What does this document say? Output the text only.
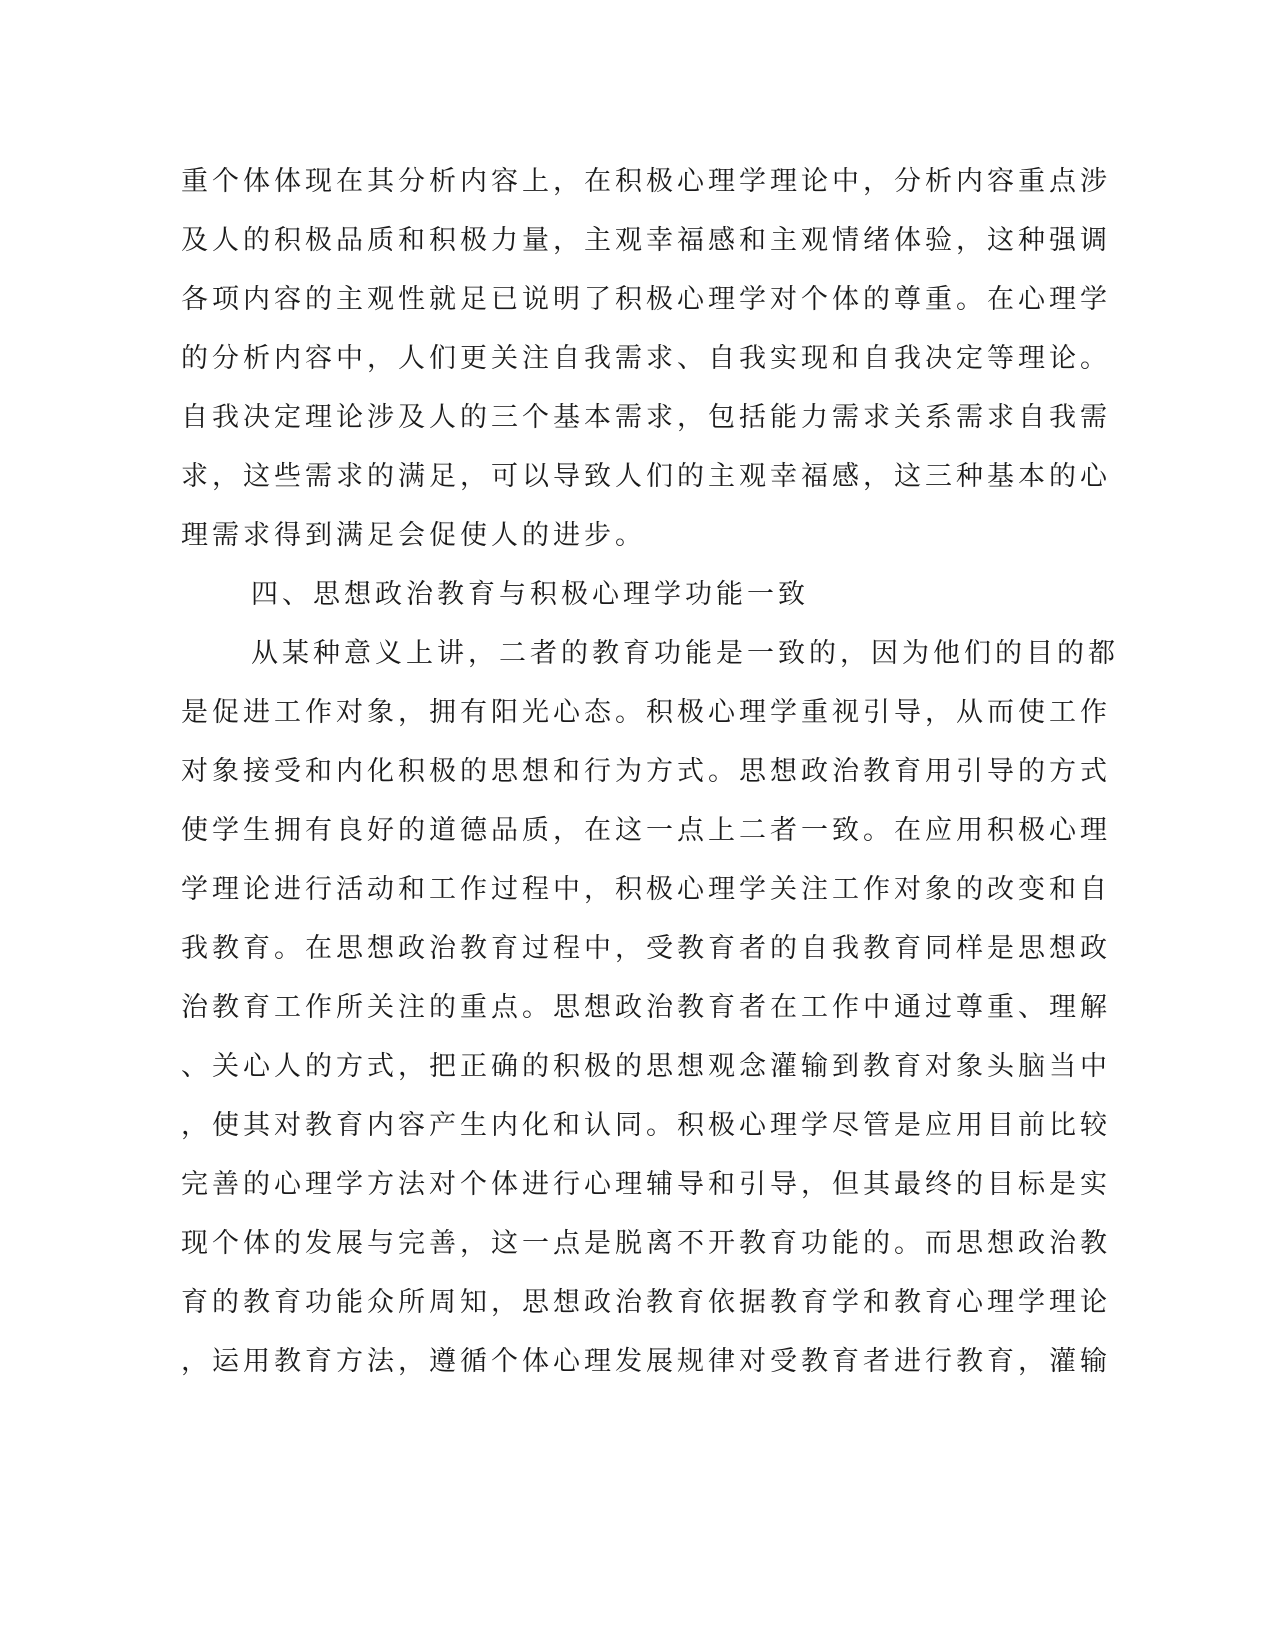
重个体体现在其分析内容上，在积极心理学理论中，分析内容重点涉
及人的积极品质和积极力量，主观幸福感和主观情绪体验，这种强调
各项内容的主观性就足已说明了积极心理学对个体的尊重。在心理学
的分析内容中，人们更关注自我需求、自我实现和自我决定等理论。
自我决定理论涉及人的三个基本需求，包括能力需求关系需求自我需
求，这些需求的满足，可以导致人们的主观幸福感，这三种基本的心
理需求得到满足会促使人的进步。
四、思想政治教育与积极心理学功能一致
从某种意义上讲，二者的教育功能是一致的，因为他们的目的都
是促进工作对象，拥有阳光心态。积极心理学重视引导，从而使工作
对象接受和内化积极的思想和行为方式。思想政治教育用引导的方式
使学生拥有良好的道德品质，在这一点上二者一致。在应用积极心理
学理论进行活动和工作过程中，积极心理学关注工作对象的改变和自
我教育。在思想政治教育过程中，受教育者的自我教育同样是思想政
治教育工作所关注的重点。思想政治教育者在工作中通过尊重、理解
、关心人的方式，把正确的积极的思想观念灌输到教育对象头脑当中
，使其对教育内容产生内化和认同。积极心理学尽管是应用目前比较
完善的心理学方法对个体进行心理辅导和引导，但其最终的目标是实
现个体的发展与完善，这一点是脱离不开教育功能的。而思想政治教
育的教育功能众所周知，思想政治教育依据教育学和教育心理学理论
，运用教育方法，遵循个体心理发展规律对受教育者进行教育，灌输
